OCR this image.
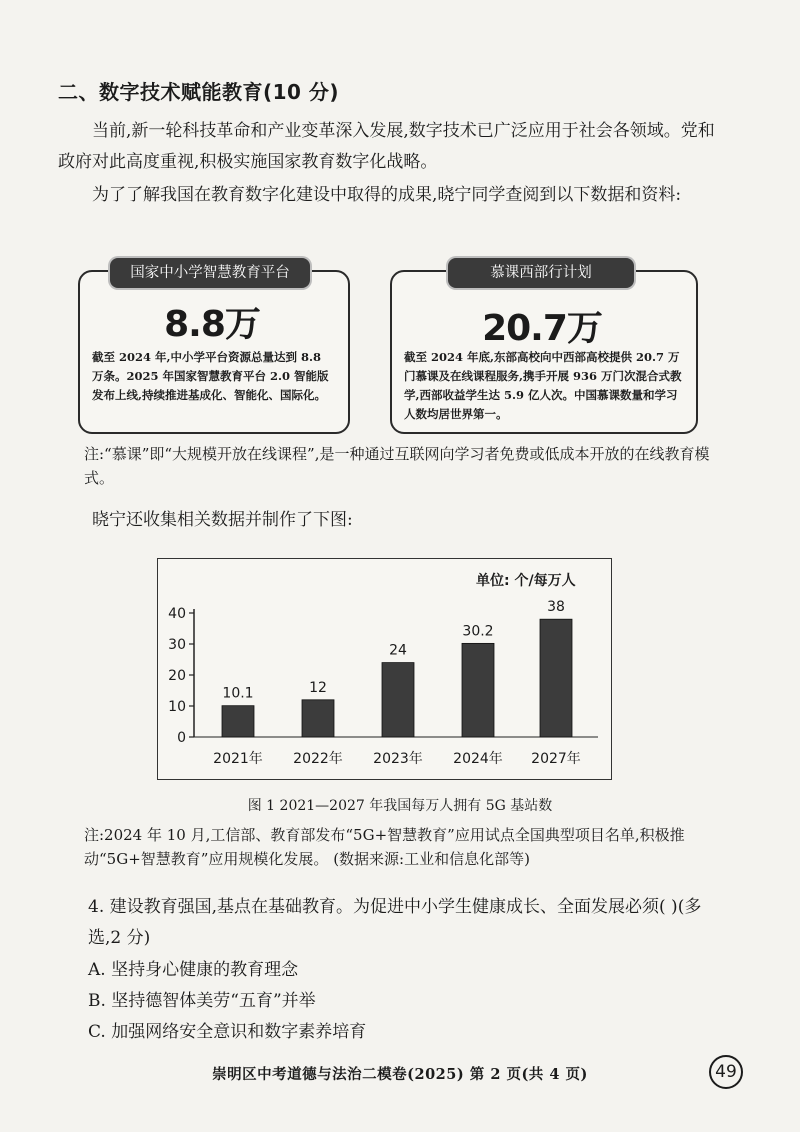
二、数字技术赋能教育(10 分)
当前,新一轮科技革命和产业变革深入发展,数字技术已广泛应用于社会各领域。党和政府对此高度重视,积极实施国家教育数字化战略。
为了了解我国在教育数字化建设中取得的成果,晓宁同学查阅到以下数据和资料:
国家中小学智慧教育平台
8.8万
截至 2024 年,中小学平台资源总量达到 8.8 万条。2025 年国家智慧教育平台 2.0 智能版发布上线,持续推进基成化、智能化、国际化。
慕课西部行计划
20.7万
截至 2024 年底,东部高校向中西部高校提供 20.7 万门慕课及在线课程服务,携手开展 936 万门次混合式教学,西部收益学生达 5.9 亿人次。中国慕课数量和学习人数均居世界第一。
注:“慕课”即“大规模开放在线课程”,是一种通过互联网向学习者免费或低成本开放的在线教育模式。
晓宁还收集相关数据并制作了下图:
单位: 个/每万人
0
10
20
30
40
10.1
2021年
12
2022年
24
2023年
30.2
2024年
38
2027年
图 1 2021—2027 年我国每万人拥有 5G 基站数
注:2024 年 10 月,工信部、教育部发布“5G+智慧教育”应用试点全国典型项目名单,积极推动“5G+智慧教育”应用规模化发展。 (数据来源:工业和信息化部等)
4. 建设教育强国,基点在基础教育。为促进中小学生健康成长、全面发展必须( )(多选,2 分)
A. 坚持身心健康的教育理念
B. 坚持德智体美劳“五育”并举
C. 加强网络安全意识和数字素养培育
崇明区中考道德与法治二模卷(2025) 第 2 页(共 4 页)	49
